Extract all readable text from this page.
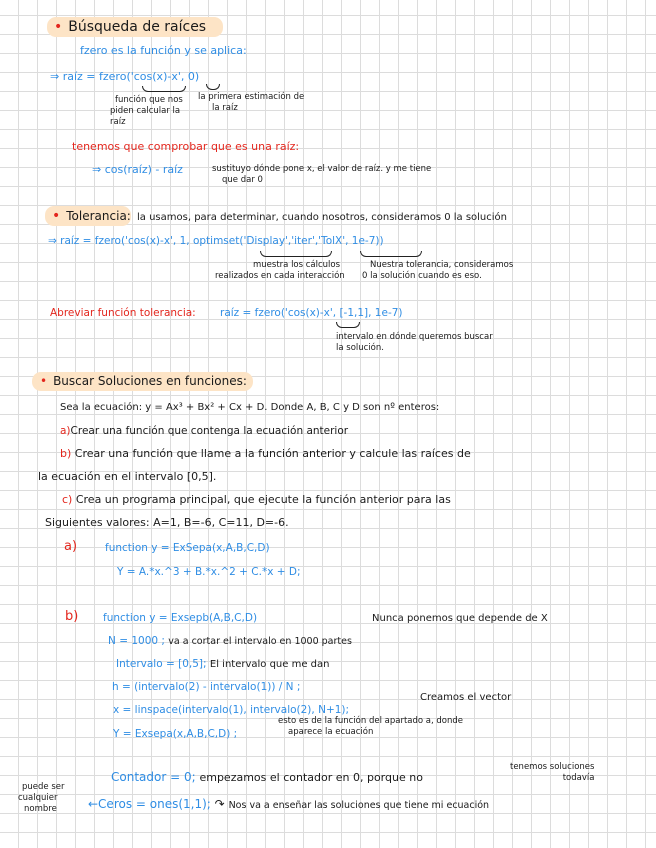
• Búsqueda de raíces
fzero es la función y se aplica:
⇒ raíz = fzero('cos(x)-x', 0)
función que nos
piden calcular la
raíz
la primera estimación de
la raíz
tenemos que comprobar que es una raíz:
⇒ cos(raíz) - raíz	sustituyo dónde pone x, el valor de raíz. y me tiene
que dar 0
• Tolerancia: la usamos, para determinar, cuando nosotros, consideramos 0 la solución
⇒ raíz = fzero('cos(x)-x', 1, optimset('Display','iter','TolX', 1e-7))
muestra los cálculos
realizados en cada interacción
Nuestra tolerancia, consideramos
0 la solución cuando es eso.
Abreviar función tolerancia: raíz = fzero('cos(x)-x', [-1,1], 1e-7)
intervalo en dónde queremos buscar
la solución.
• Buscar Soluciones en funciones:
Sea la ecuación: y = Ax³ + Bx² + Cx + D. Donde A, B, C y D son nº enteros:
a)Crear una función que contenga la ecuación anterior
b) Crear una función que llame a la función anterior y calcule las raíces de
la ecuación en el intervalo [0,5].
c) Crea un programa principal, que ejecute la función anterior para las
Siguientes valores: A=1, B=-6, C=11, D=-6.
a)	function y = ExSepa(x,A,B,C,D)
Y = A.*x.^3 + B.*x.^2 + C.*x + D;
b) function y = Exsepb(A,B,C,D)	Nunca ponemos que depende de X
N = 1000 ; va a cortar el intervalo en 1000 partes
Intervalo = [0,5]; El intervalo que me dan
h = (intervalo(2) - intervalo(1)) / N ;
Creamos el vector
x = linspace(intervalo(1), intervalo(2), N+1);
Y = Exsepa(x,A,B,C,D) ;
esto es de la función del apartado a, donde
aparece la ecuación
tenemos soluciones
todavía
Contador = 0; empezamos el contador en 0, porque no
puede ser
cualquier
nombre	←Ceros = ones(1,1); ↷ Nos va a enseñar las soluciones que tiene mi ecuación
